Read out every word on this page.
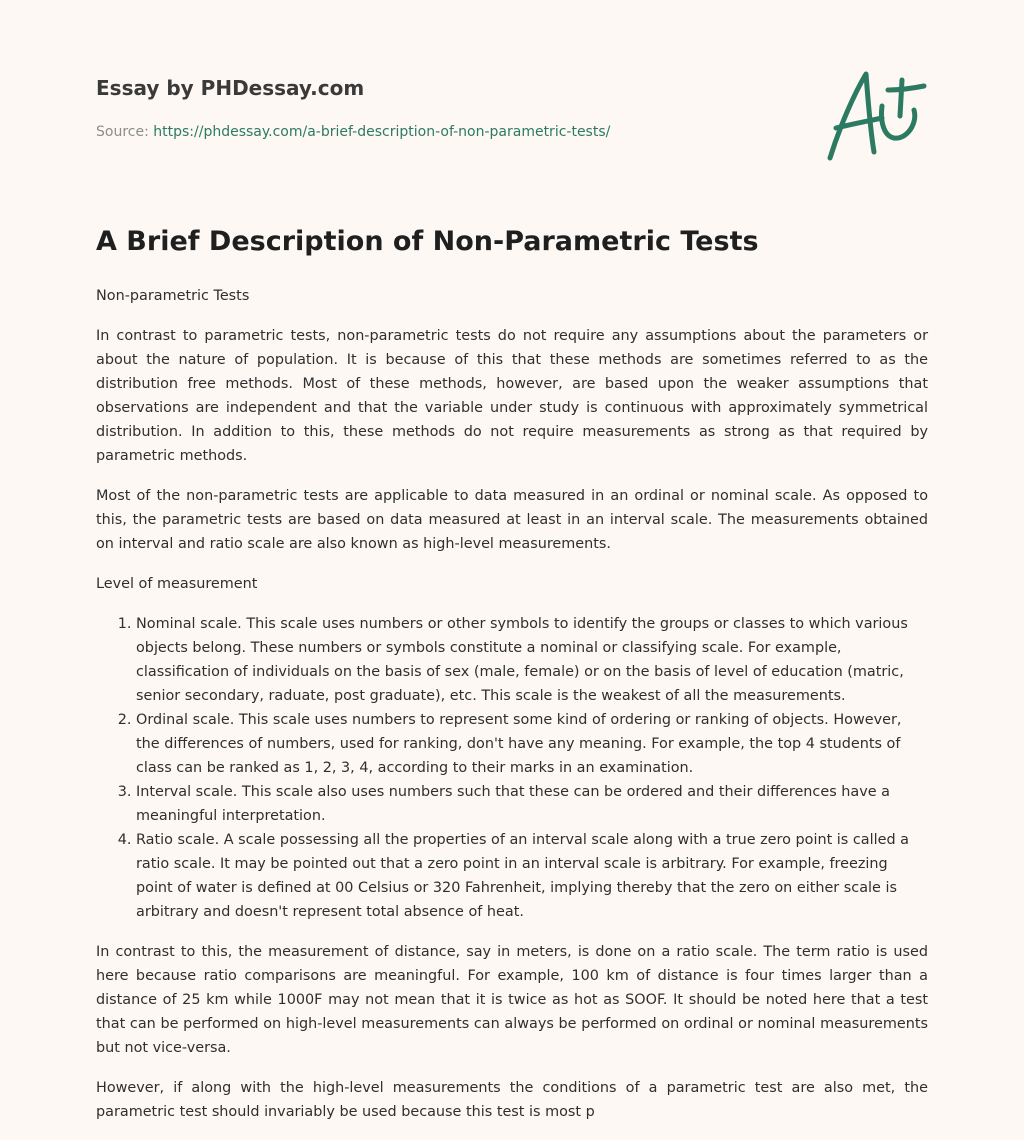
Essay by PHDessay.com
Source: https://phdessay.com/a-brief-description-of-non-parametric-tests/
A Brief Description of Non-Parametric Tests

Non-parametric Tests

In contrast to parametric tests, non-parametric tests do not require any assumptions about the parameters or about the nature of population. It is because of this that these methods are sometimes referred to as the distribution free methods. Most of these methods, however, are based upon the weaker assumptions that observations are independent and that the variable under study is continuous with approximately symmetrical distribution. In addition to this, these methods do not require measurements as strong as that required by parametric methods.

Most of the non-parametric tests are applicable to data measured in an ordinal or nominal scale. As opposed to this, the parametric tests are based on data measured at least in an interval scale. The measurements obtained on interval and ratio scale are also known as high-level measurements.

Level of measurement

1. Nominal scale. This scale uses numbers or other symbols to identify the groups or classes to which various objects belong. These numbers or symbols constitute a nominal or classifying scale. For example, classification of individuals on the basis of sex (male, female) or on the basis of level of education (matric, senior secondary, raduate, post graduate), etc. This scale is the weakest of all the measurements.
2. Ordinal scale. This scale uses numbers to represent some kind of ordering or ranking of objects. However, the differences of numbers, used for ranking, don't have any meaning. For example, the top 4 students of class can be ranked as 1, 2, 3, 4, according to their marks in an examination.
3. Interval scale. This scale also uses numbers such that these can be ordered and their differences have a meaningful interpretation.
4. Ratio scale. A scale possessing all the properties of an interval scale along with a true zero point is called a ratio scale. It may be pointed out that a zero point in an interval scale is arbitrary. For example, freezing point of water is defined at 00 Celsius or 320 Fahrenheit, implying thereby that the zero on either scale is arbitrary and doesn't represent total absence of heat.

In contrast to this, the measurement of distance, say in meters, is done on a ratio scale. The term ratio is used here because ratio comparisons are meaningful. For example, 100 km of distance is four times larger than a distance of 25 km while 1000F may not mean that it is twice as hot as SOOF. It should be noted here that a test that can be performed on high-level measurements can always be performed on ordinal or nominal measurements but not vice-versa.

However, if along with the high-level measurements the conditions of a parametric test are also met, the parametric test should invariably be used because this test is most p
